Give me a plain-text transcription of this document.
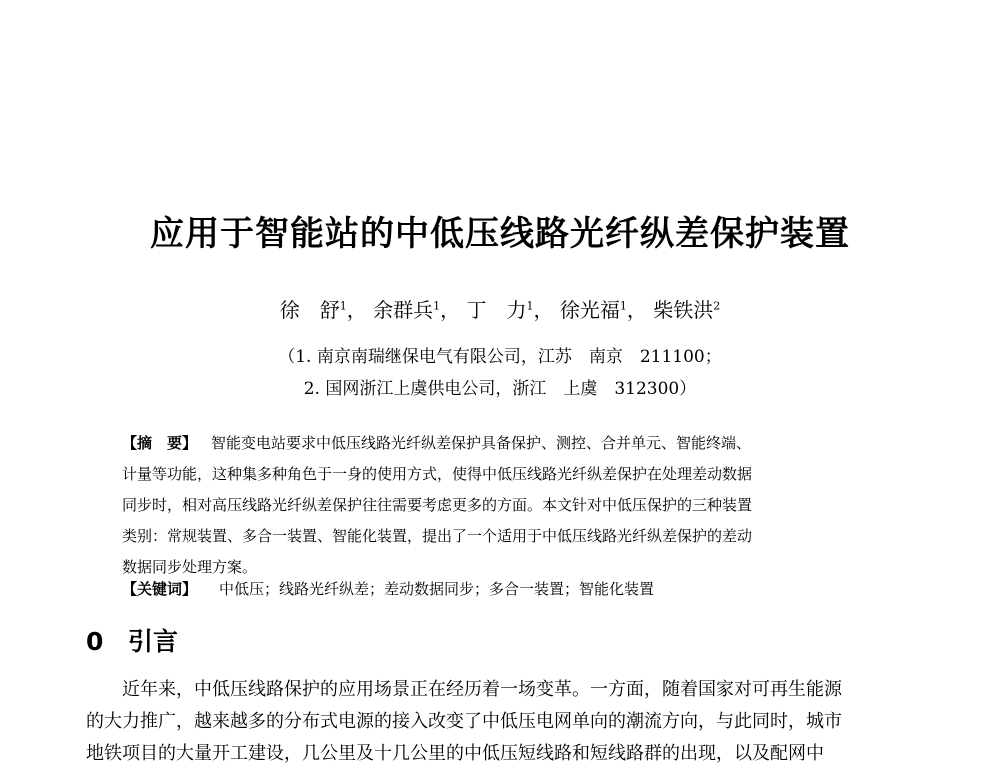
应用于智能站的中低压线路光纤纵差保护装置
徐　舒$^1$， 余群兵$^1$， 丁　力$^1$， 徐光福$^1$， 柴铁洪$^2$
（1. 南京南瑞继保电气有限公司，江苏　南京　211100；
2. 国网浙江上虞供电公司，浙江　上虞　312300）
【摘　要】 智能变电站要求中低压线路光纤纵差保护具备保护、测控、合并单元、智能终端、
计量等功能，这种集多种角色于一身的使用方式，使得中低压线路光纤纵差保护在处理差动数据
同步时，相对高压线路光纤纵差保护往往需要考虑更多的方面。本文针对中低压保护的三种装置
类别：常规装置、多合一装置、智能化装置，提出了一个适用于中低压线路光纤纵差保护的差动
数据同步处理方案。
【关键词】 中低压；线路光纤纵差；差动数据同步；多合一装置；智能化装置
0 引言
近年来，中低压线路保护的应用场景正在经历着一场变革。一方面，随着国家对可再生能源
的大力推广，越来越多的分布式电源的接入改变了中低压电网单向的潮流方向，与此同时，城市
地铁项目的大量开工建设，几公里及十几公里的中低压短线路和短线路群的出现，以及配网中
